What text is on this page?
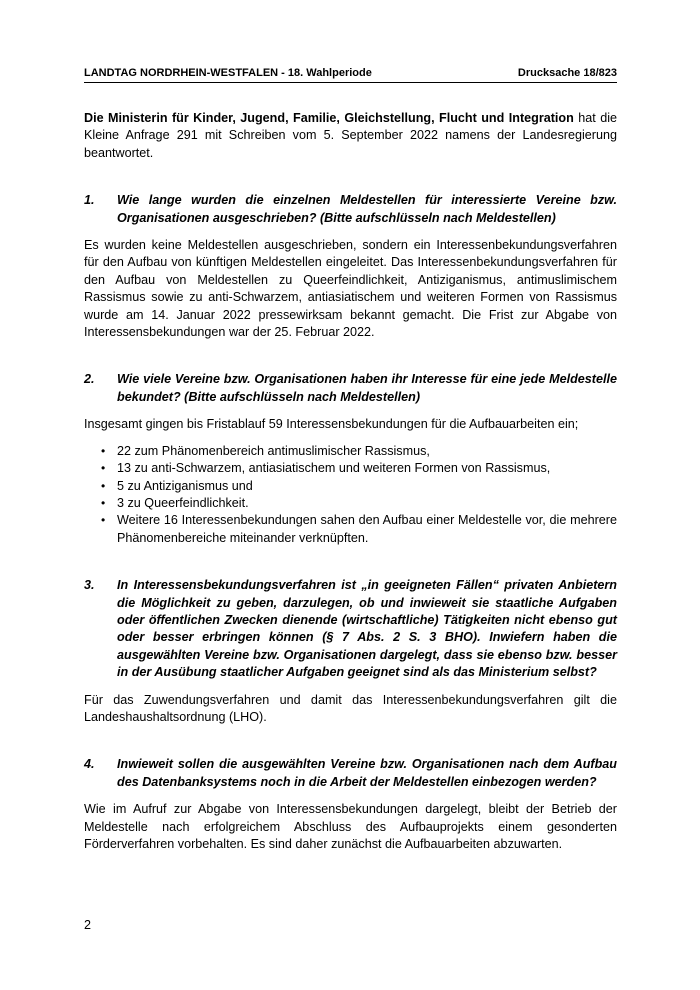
LANDTAG NORDRHEIN-WESTFALEN - 18. Wahlperiode	Drucksache 18/823

Die Ministerin für Kinder, Jugend, Familie, Gleichstellung, Flucht und Integration hat die Kleine Anfrage 291 mit Schreiben vom 5. September 2022 namens der Landesregierung beantwortet.

1.	Wie lange wurden die einzelnen Meldestellen für interessierte Vereine bzw. Organisationen ausgeschrieben? (Bitte aufschlüsseln nach Meldestellen)

Es wurden keine Meldestellen ausgeschrieben, sondern ein Interessenbekundungsverfahren für den Aufbau von künftigen Meldestellen eingeleitet. Das Interessenbekundungsverfahren für den Aufbau von Meldestellen zu Queerfeindlichkeit, Antiziganismus, antimuslimischem Rassismus sowie zu anti-Schwarzem, antiasiatischem und weiteren Formen von Rassismus wurde am 14. Januar 2022 pressewirksam bekannt gemacht. Die Frist zur Abgabe von Interessensbekundungen war der 25. Februar 2022.

2.	Wie viele Vereine bzw. Organisationen haben ihr Interesse für eine jede Meldestelle bekundet? (Bitte aufschlüsseln nach Meldestellen)

Insgesamt gingen bis Fristablauf 59 Interessensbekundungen für die Aufbauarbeiten ein;

• 22 zum Phänomenbereich antimuslimischer Rassismus,
• 13 zu anti-Schwarzem, antiasiatischem und weiteren Formen von Rassismus,
• 5 zu Antiziganismus und
• 3 zu Queerfeindlichkeit.
• Weitere 16 Interessenbekundungen sahen den Aufbau einer Meldestelle vor, die mehrere Phänomenbereiche miteinander verknüpften.
3.	In Interessensbekundungsverfahren ist „in geeigneten Fällen“ privaten Anbietern die Möglichkeit zu geben, darzulegen, ob und inwieweit sie staatliche Aufgaben oder öffentlichen Zwecken dienende (wirtschaftliche) Tätigkeiten nicht ebenso gut oder besser erbringen können (§ 7 Abs. 2 S. 3 BHO). Inwiefern haben die ausgewählten Vereine bzw. Organisationen dargelegt, dass sie ebenso bzw. besser in der Ausübung staatlicher Aufgaben geeignet sind als das Ministerium selbst?

Für das Zuwendungsverfahren und damit das Interessenbekundungsverfahren gilt die Landeshaushaltsordnung (LHO).

4.	Inwieweit sollen die ausgewählten Vereine bzw. Organisationen nach dem Aufbau des Datenbanksystems noch in die Arbeit der Meldestellen einbezogen werden?

Wie im Aufruf zur Abgabe von Interessensbekundungen dargelegt, bleibt der Betrieb der Meldestelle nach erfolgreichem Abschluss des Aufbauprojekts einem gesonderten Förderverfahren vorbehalten. Es sind daher zunächst die Aufbauarbeiten abzuwarten.

2
